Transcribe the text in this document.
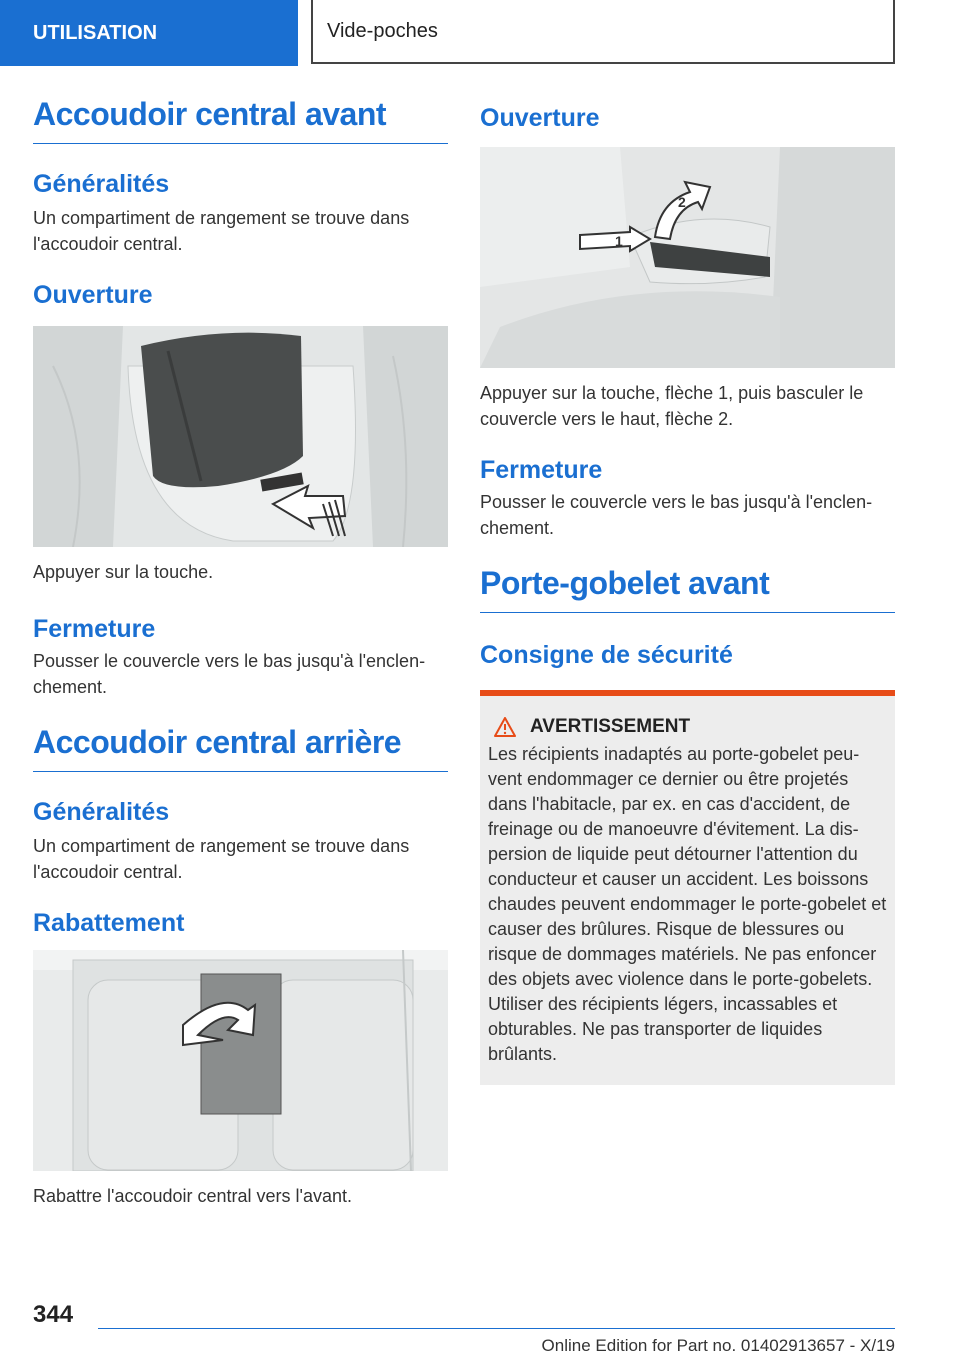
UTILISATION	Vide-poches
Accoudoir central avant
Généralités

Un compartiment de rangement se trouve dans l'accoudoir central.

Ouverture

Appuyer sur la touche.

Fermeture

Pousser le couvercle vers le bas jusqu'à l'enclenchement.

Accoudoir central arrière
Généralités

Un compartiment de rangement se trouve dans l'accoudoir central.

Rabattement

Rabattre l'accoudoir central vers l'avant.

Ouverture
1
2

Appuyer sur la touche, flèche 1, puis basculer le couvercle vers le haut, flèche 2.

Fermeture

Pousser le couvercle vers le bas jusqu'à l'enclenchement.

Porte-gobelet avant
Consigne de sécurité
AVERTISSEMENT

Les récipients inadaptés au porte-gobelet peuvent endommager ce dernier ou être projetés dans l'habitacle, par ex. en cas d'accident, de freinage ou de manoeuvre d'évitement. La dispersion de liquide peut détourner l'attention du conducteur et causer un accident. Les boissons chaudes peuvent endommager le porte-gobelet et causer des brûlures. Risque de blessures ou risque de dommages matériels. Ne pas enfoncer des objets avec violence dans le porte-gobelets. Utiliser des récipients légers, incassables et obturables. Ne pas transporter de liquides brûlants.

344
Online Edition for Part no. 01402913657 - X/19
